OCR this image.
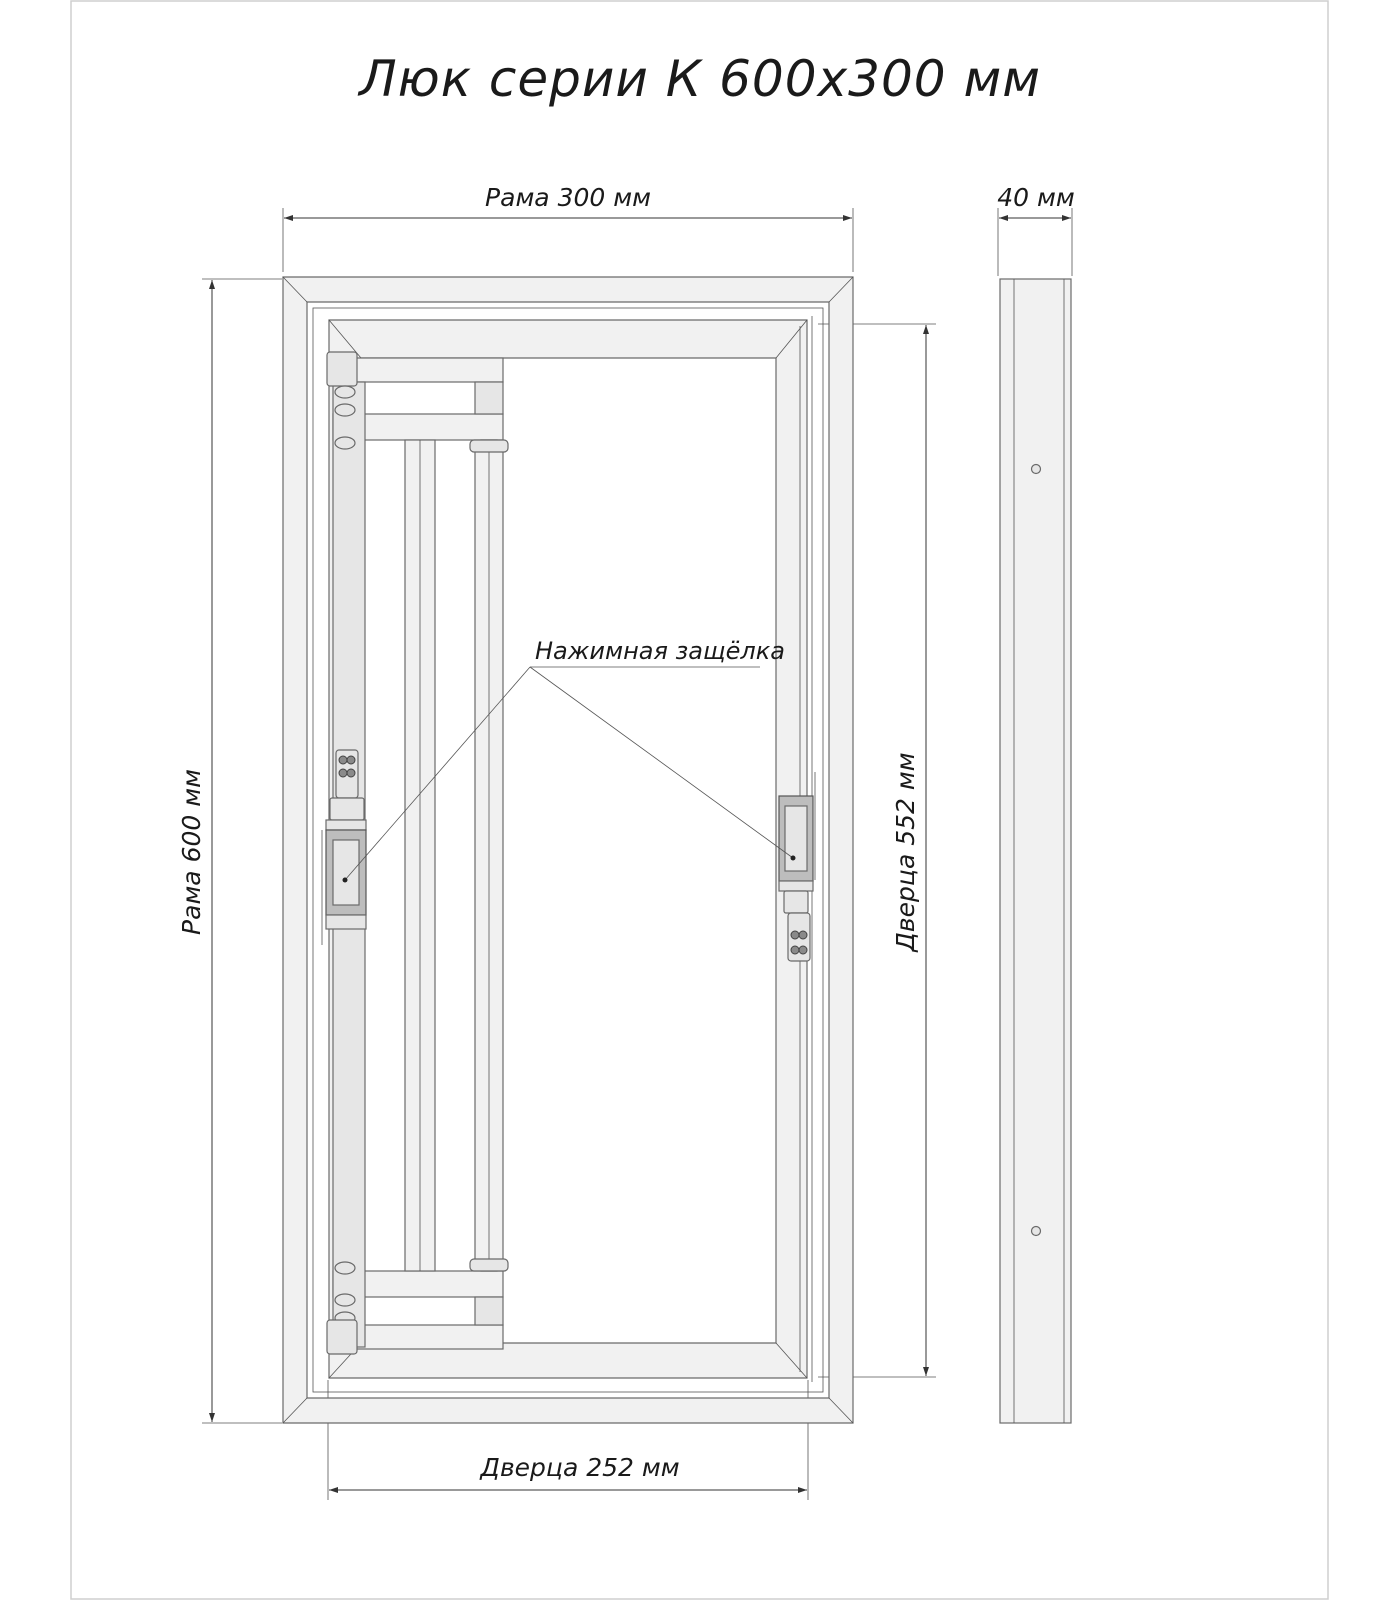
Люк серии К 600х300 мм
Рама 300 мм	40 мм
Рама 600 мм	Дверца 552 мм
Дверца 252 мм
Нажимная защёлка
